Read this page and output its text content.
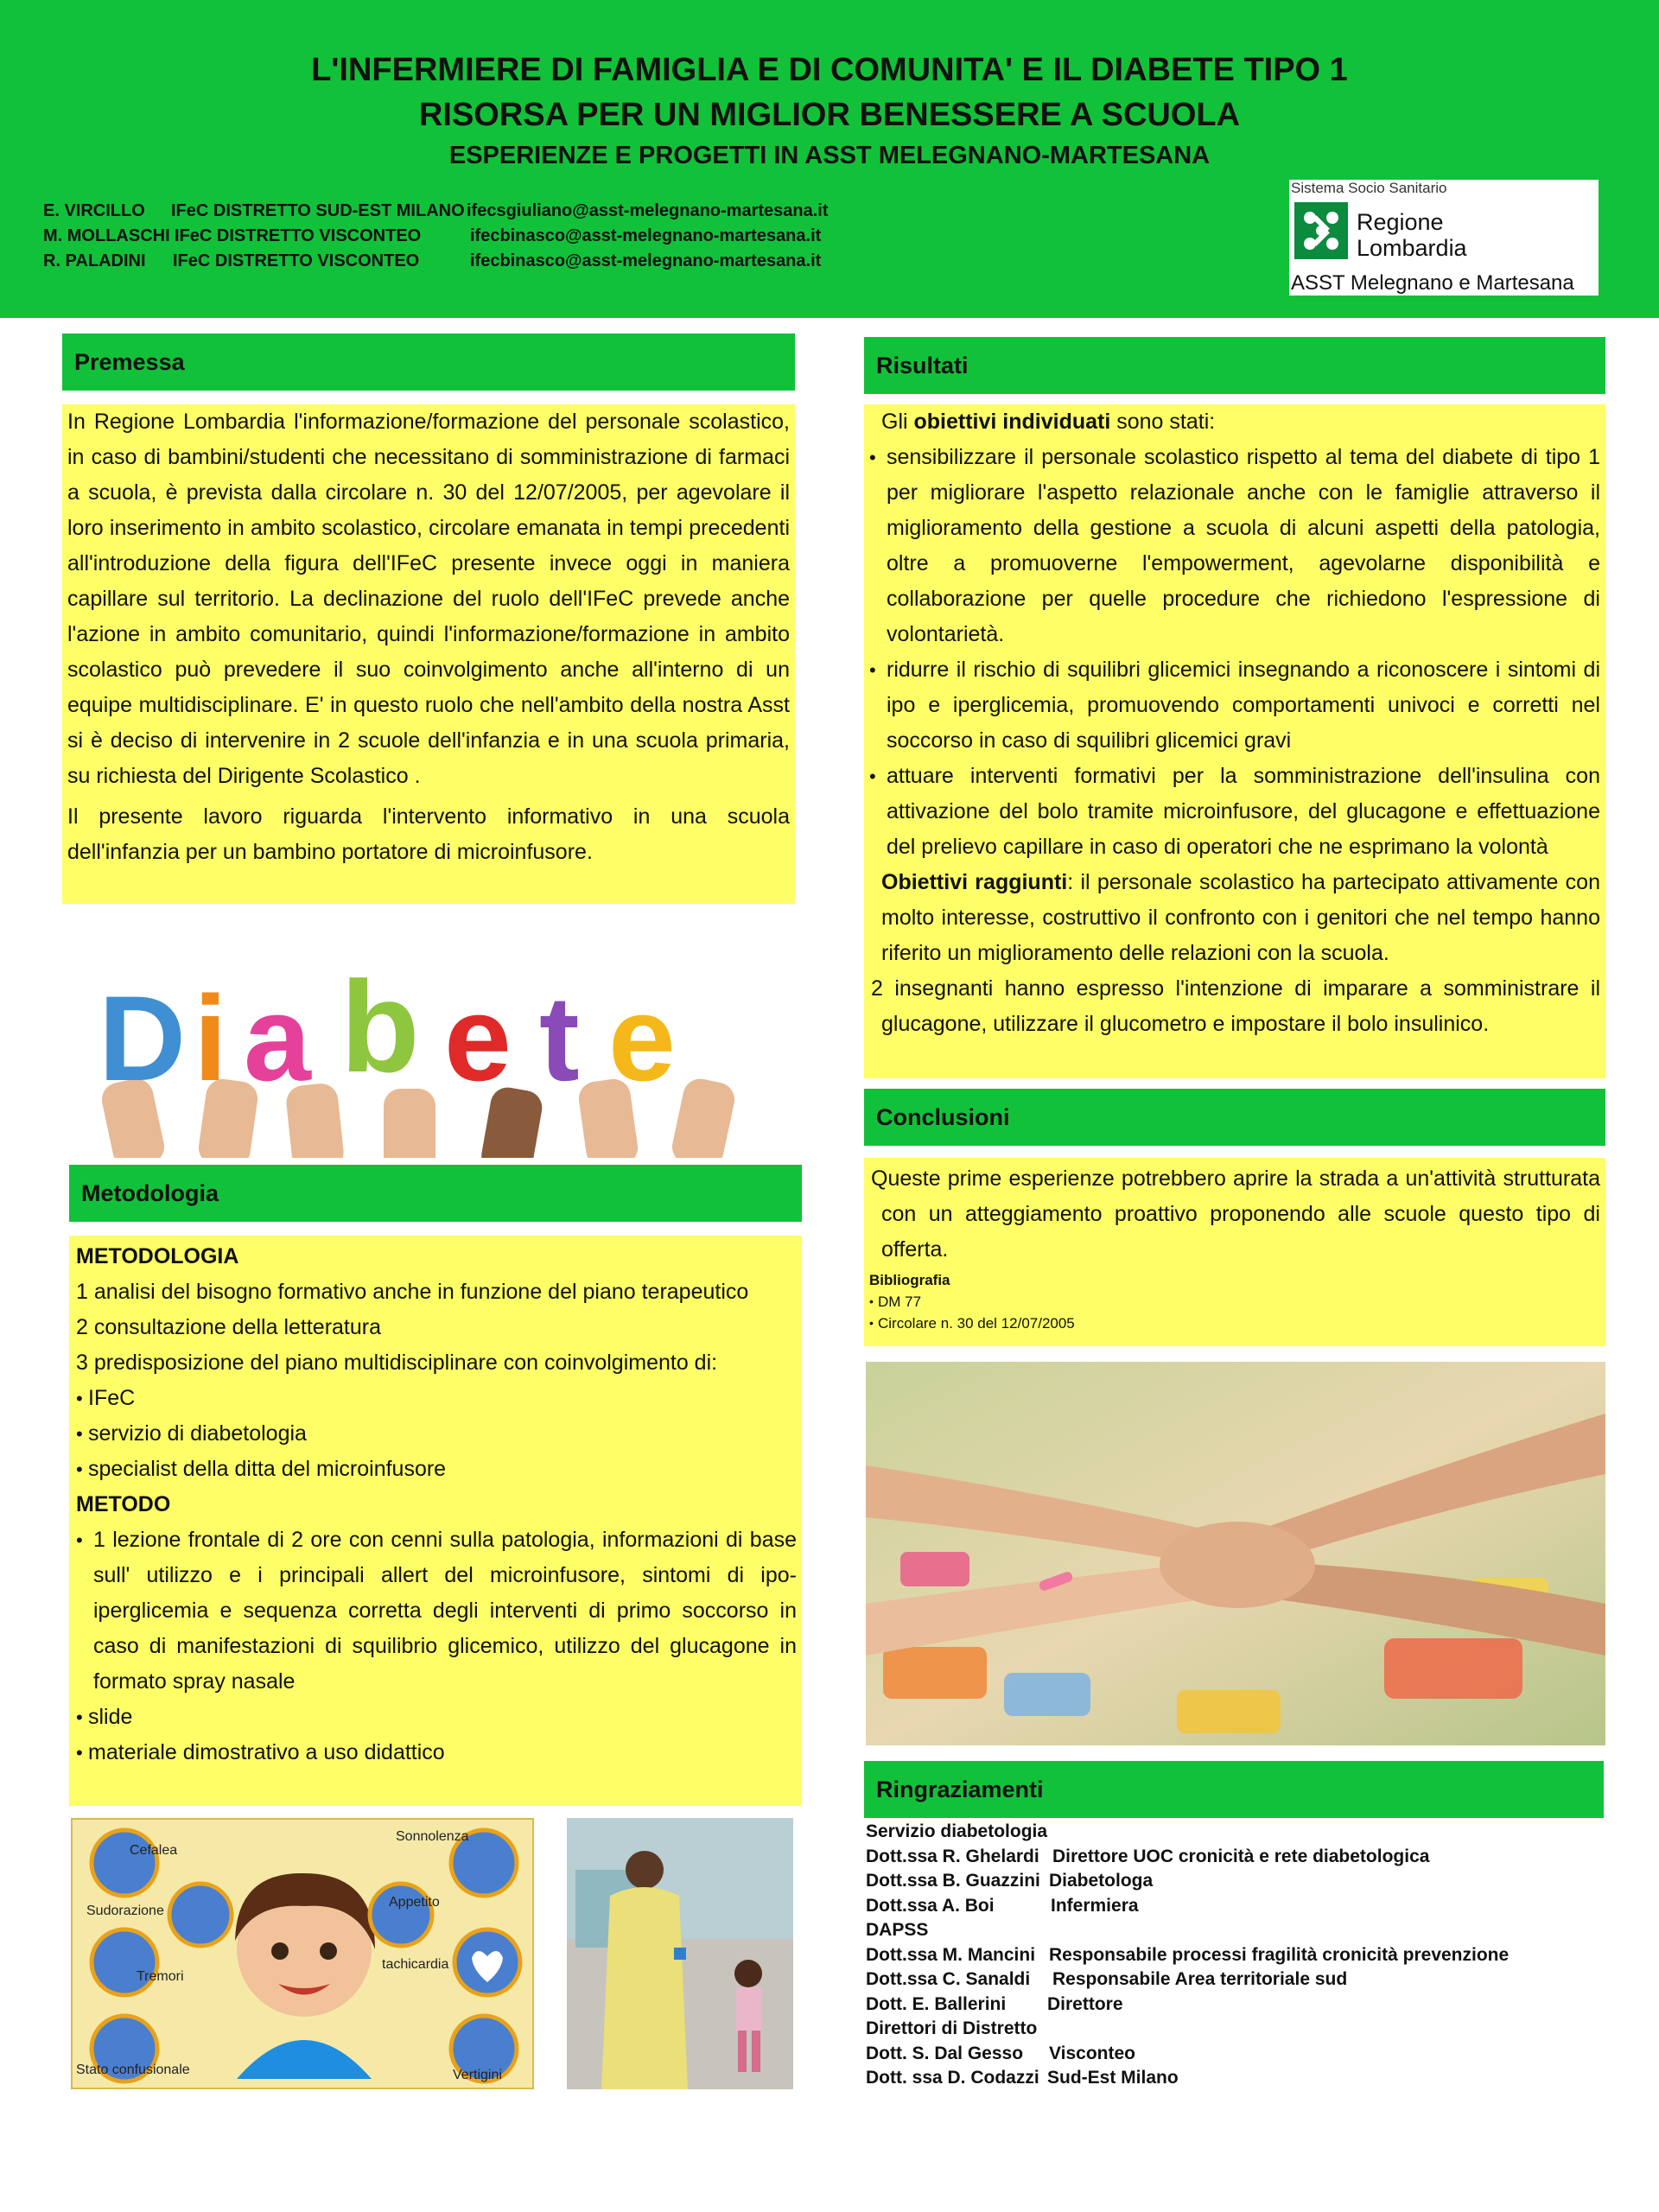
L'INFERMIERE DI FAMIGLIA E DI COMUNITA' E IL DIABETE TIPO 1
RISORSA PER UN MIGLIOR BENESSERE A SCUOLA
ESPERIENZE E PROGETTI IN ASST MELEGNANO-MARTESANA
E. VIRCILLO IFeC DISTRETTO SUD-EST MILANO ifecsgiuliano@asst-melegnano-martesana.it
M. MOLLASCHI IFeC DISTRETTO VISCONTEO	ifecbinasco@asst-melegnano-martesana.it
R. PALADINI IFeC DISTRETTO VISCONTEO	ifecbinasco@asst-melegnano-martesana.it
Sistema Socio Sanitario
Regione
Lombardia
ASST Melegnano e Martesana
Premessa

In Regione Lombardia l'informazione/formazione del personale scolastico, in caso di bambini/studenti che necessitano di somministrazione di farmaci a scuola, è prevista dalla circolare n. 30 del 12/07/2005, per agevolare il loro inserimento in ambito scolastico, circolare emanata in tempi precedenti all'introduzione della figura dell'IFeC presente invece oggi in maniera capillare sul territorio. La declinazione del ruolo dell'IFeC prevede anche l'azione in ambito comunitario, quindi l'informazione/formazione in ambito scolastico può prevedere il suo coinvolgimento anche all'interno di un equipe multidisciplinare. E' in questo ruolo che nell'ambito della nostra Asst si è deciso di intervenire in 2 scuole dell'infanzia e in una scuola primaria, su richiesta del Dirigente Scolastico .

Il presente lavoro riguarda l'intervento informativo in una scuola dell'infanzia per un bambino portatore di microinfusore.

D i a b e t e
Metodologia

METODOLOGIA

1 analisi del bisogno formativo anche in funzione del piano terapeutico

2 consultazione della letteratura

3 predisposizione del piano multidisciplinare con coinvolgimento di:

• IFeC

• servizio di diabetologia

• specialist della ditta del microinfusore

METODO

• 1 lezione frontale di 2 ore con cenni sulla patologia, informazioni di base sull' utilizzo e i principali allert del microinfusore, sintomi di ipo-iperglicemia e sequenza corretta degli interventi di primo soccorso in caso di manifestazioni di squilibrio glicemico, utilizzo del glucagone in formato spray nasale

• slide

• materiale dimostrativo a uso didattico

Cefalea
Sonnolenza
Sudorazione
Appetito
Tremori
tachicardia
Stato confusionale	Vertigini
Risultati

Gli obiettivi individuati sono stati:

• sensibilizzare il personale scolastico rispetto al tema del diabete di tipo 1 per migliorare l'aspetto relazionale anche con le famiglie attraverso il miglioramento della gestione a scuola di alcuni aspetti della patologia, oltre a promuoverne l'empowerment, agevolarne disponibilità e collaborazione per quelle procedure che richiedono l'espressione di volontarietà.

• ridurre il rischio di squilibri glicemici insegnando a riconoscere i sintomi di ipo e iperglicemia, promuovendo comportamenti univoci e corretti nel soccorso in caso di squilibri glicemici gravi

• attuare interventi formativi per la somministrazione dell'insulina con attivazione del bolo tramite microinfusore, del glucagone e effettuazione del prelievo capillare in caso di operatori che ne esprimano la volontà

Obiettivi raggiunti: il personale scolastico ha partecipato attivamente con molto interesse, costruttivo il confronto con i genitori che nel tempo hanno riferito un miglioramento delle relazioni con la scuola.

2 insegnanti hanno espresso l'intenzione di imparare a somministrare il glucagone, utilizzare il glucometro e impostare il bolo insulinico.

Conclusioni

Queste prime esperienze potrebbero aprire la strada a un'attività strutturata con un atteggiamento proattivo proponendo alle scuole questo tipo di offerta.

Bibliografia

• DM 77

• Circolare n. 30 del 12/07/2005

Ringraziamenti
Servizio diabetologia
Dott.ssa R. Ghelardi Direttore UOC cronicità e rete diabetologica
Dott.ssa B. Guazzini Diabetologa
Dott.ssa A. Boi	Infermiera
DAPSS
Dott.ssa M. Mancini Responsabile processi fragilità cronicità prevenzione
Dott.ssa C. Sanaldi Responsabile Area territoriale sud
Dott. E. Ballerini Direttore
Direttori di Distretto
Dott. S. Dal Gesso Visconteo
Dott. ssa D. Codazzi Sud-Est Milano
